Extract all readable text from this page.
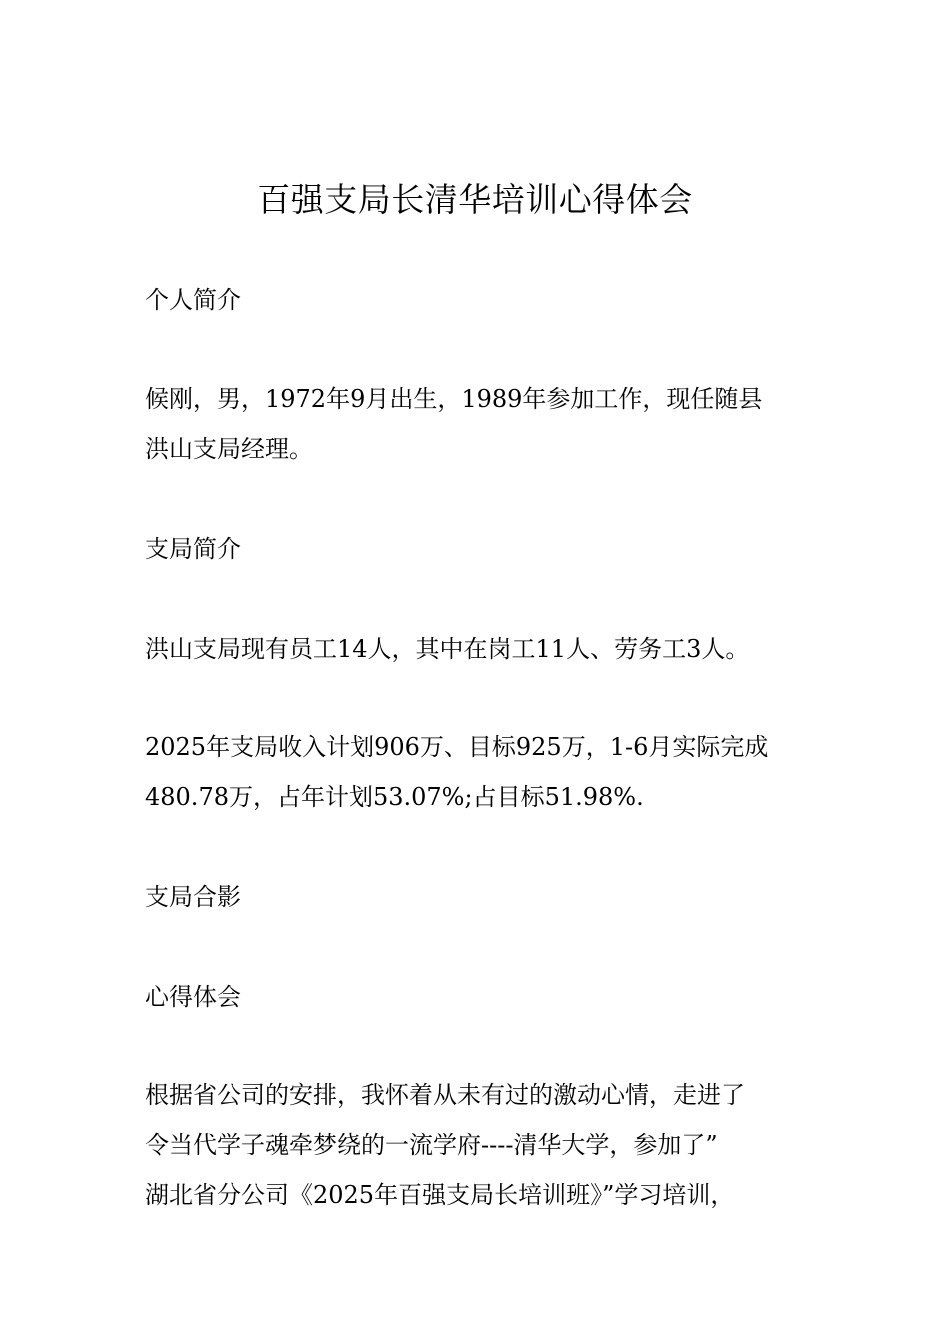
百强支局长清华培训心得体会

个人简介

候刚，男，1972年9月出生，1989年参加工作，现任随县
洪山支局经理。

支局简介

洪山支局现有员工14人，其中在岗工11人、劳务工3人。

2025年支局收入计划906万、目标925万，1-6月实际完成
480.78万，占年计划53.07%;占目标51.98%.

支局合影

心得体会

根据省公司的安排，我怀着从未有过的激动心情，走进了
令当代学子魂牵梦绕的一流学府----清华大学，参加了”
湖北省分公司《2025年百强支局长培训班》”学习培训，
